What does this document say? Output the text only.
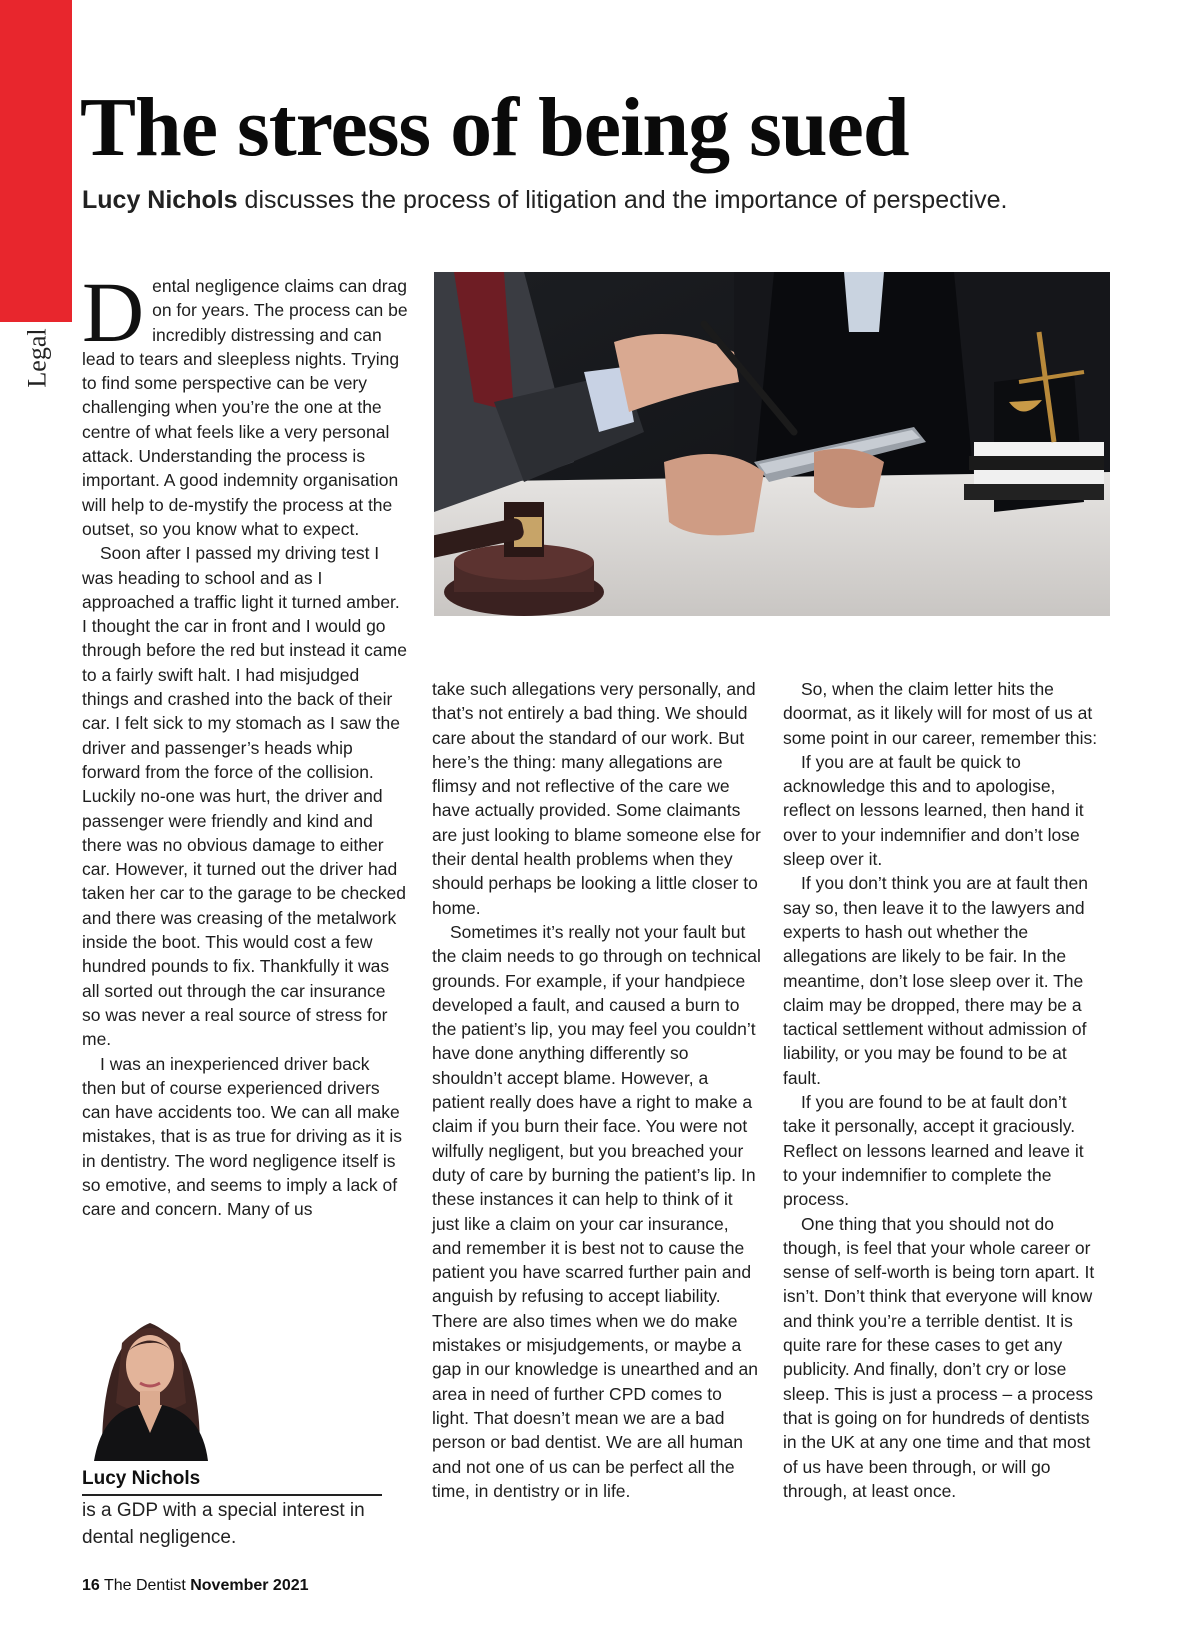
Legal
The stress of being sued
Lucy Nichols discusses the process of litigation and the importance of perspective.

Dental negligence claims can drag on for years. The process can be incredibly distressing and can lead to tears and sleepless nights. Trying to find some perspective can be very challenging when you’re the one at the centre of what feels like a very personal attack. Understanding the process is important. A good indemnity organisation will help to de-mystify the process at the outset, so you know what to expect.

Soon after I passed my driving test I was heading to school and as I approached a traffic light it turned amber. I thought the car in front and I would go through before the red but instead it came to a fairly swift halt. I had misjudged things and crashed into the back of their car. I felt sick to my stomach as I saw the driver and passenger’s heads whip forward from the force of the collision. Luckily no-one was hurt, the driver and passenger were friendly and kind and there was no obvious damage to either car. However, it turned out the driver had taken her car to the garage to be checked and there was creasing of the metalwork inside the boot. This would cost a few hundred pounds to fix. Thankfully it was all sorted out through the car insurance so was never a real source of stress for me.

I was an inexperienced driver back then but of course experienced drivers can have accidents too. We can all make mistakes, that is as true for driving as it is in dentistry. The word negligence itself is so emotive, and seems to imply a lack of care and concern. Many of us

take such allegations very personally, and that’s not entirely a bad thing. We should care about the standard of our work. But here’s the thing: many allegations are flimsy and not reflective of the care we have actually provided. Some claimants are just looking to blame someone else for their dental health problems when they should perhaps be looking a little closer to home.

Sometimes it’s really not your fault but the claim needs to go through on technical grounds. For example, if your handpiece developed a fault, and caused a burn to the patient’s lip, you may feel you couldn’t have done anything differently so shouldn’t accept blame. However, a patient really does have a right to make a claim if you burn their face. You were not wilfully negligent, but you breached your duty of care by burning the patient’s lip. In these instances it can help to think of it just like a claim on your car insurance, and remember it is best not to cause the patient you have scarred further pain and anguish by refusing to accept liability. There are also times when we do make mistakes or misjudgements, or maybe a gap in our knowledge is unearthed and an area in need of further CPD comes to light. That doesn’t mean we are a bad person or bad dentist. We are all human and not one of us can be perfect all the time, in dentistry or in life.

So, when the claim letter hits the doormat, as it likely will for most of us at some point in our career, remember this:

If you are at fault be quick to acknowledge this and to apologise, reflect on lessons learned, then hand it over to your indemnifier and don’t lose sleep over it.

If you don’t think you are at fault then say so, then leave it to the lawyers and experts to hash out whether the allegations are likely to be fair. In the meantime, don’t lose sleep over it. The claim may be dropped, there may be a tactical settlement without admission of liability, or you may be found to be at fault.

If you are found to be at fault don’t take it personally, accept it graciously. Reflect on lessons learned and leave it to your indemnifier to complete the process.

One thing that you should not do though, is feel that your whole career or sense of self-worth is being torn apart. It isn’t. Don’t think that everyone will know and think you’re a terrible dentist. It is quite rare for these cases to get any publicity. And finally, don’t cry or lose sleep. This is just a process – a process that is going on for hundreds of dentists in the UK at any one time and that most of us have been through, or will go through, at least once.

Lucy Nichols
is a GDP with a special interest in dental negligence.
16 The Dentist November 2021
